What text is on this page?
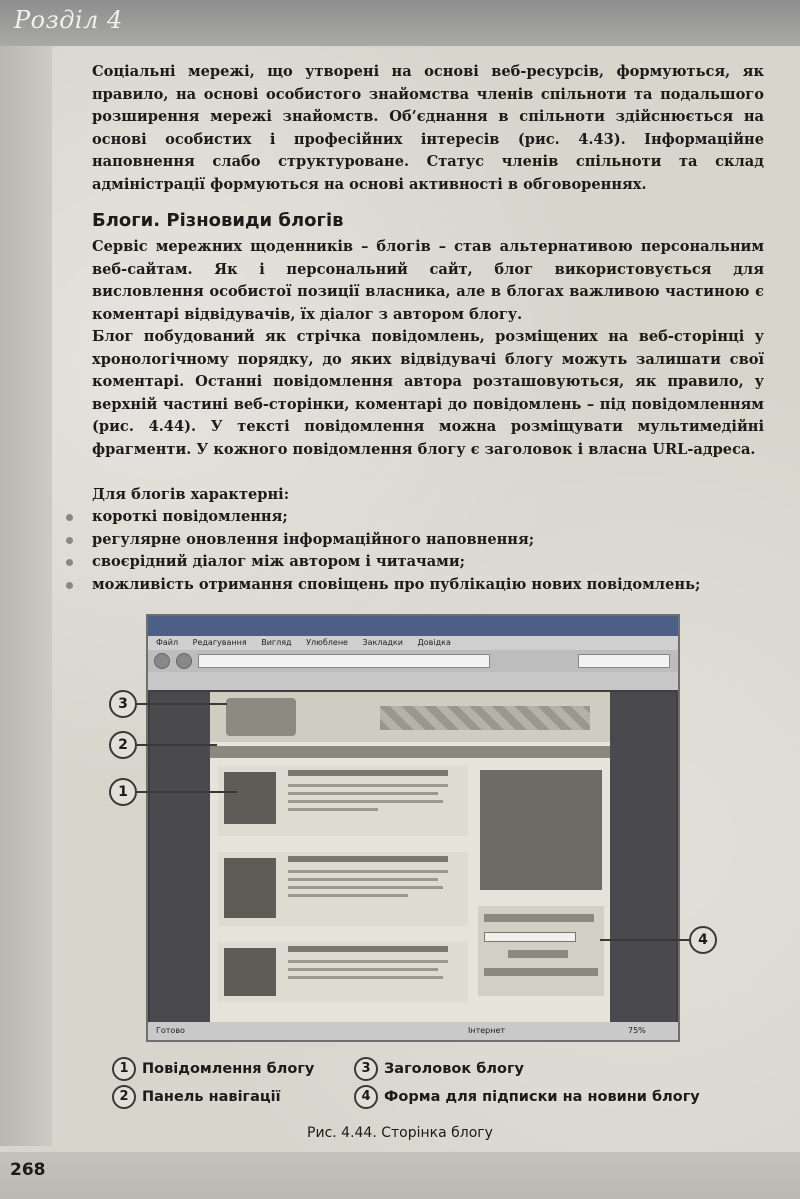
Розділ 4
Соціальні мережі, що утворені на основі веб-ресурсів, формуються, як правило, на основі особистого знайомства членів спільноти та подальшого розширення мережі знайомств. Об’єднання в спільноти здійснюється на основі особистих і професійних інтересів (рис. 4.43). Інформаційне наповнення слабо структуроване. Статус членів спільноти та склад адміністрації формуються на основі активності в обговореннях.
Блоги. Різновиди блогів
Сервіс мережних щоденників – блогів – став альтернативою персональним веб-сайтам. Як і персональний сайт, блог використовується для висловлення особистої позиції власника, але в блогах важливою частиною є коментарі відвідувачів, їх діалог з автором блогу.
Блог побудований як стрічка повідомлень, розміщених на веб-сторінці у хронологічному порядку, до яких відвідувачі блогу можуть залишати свої коментарі. Останні повідомлення автора розташовуються, як правило, у верхній частині веб-сторінки, коментарі до повідомлень – під повідомленням (рис. 4.44). У тексті повідомлення можна розміщувати мультимедійні фрагменти. У кожного повідомлення блогу є заголовок і власна URL-адреса.
Для блогів характерні:
короткі повідомлення;
регулярне оновлення інформаційного наповнення;
своєрідний діалог між автором і читачами;
можливість отримання сповіщень про публікацію нових повідомлень;
Файл Редагування Вигляд Улюблене Закладки Довідка
Готово	Інтернет	75%
3
2
1
4
1 Повідомлення блогу
2 Панель навігації
3 Заголовок блогу
4 Форма для підписки на новини блогу
Рис. 4.44. Сторінка блогу
268
